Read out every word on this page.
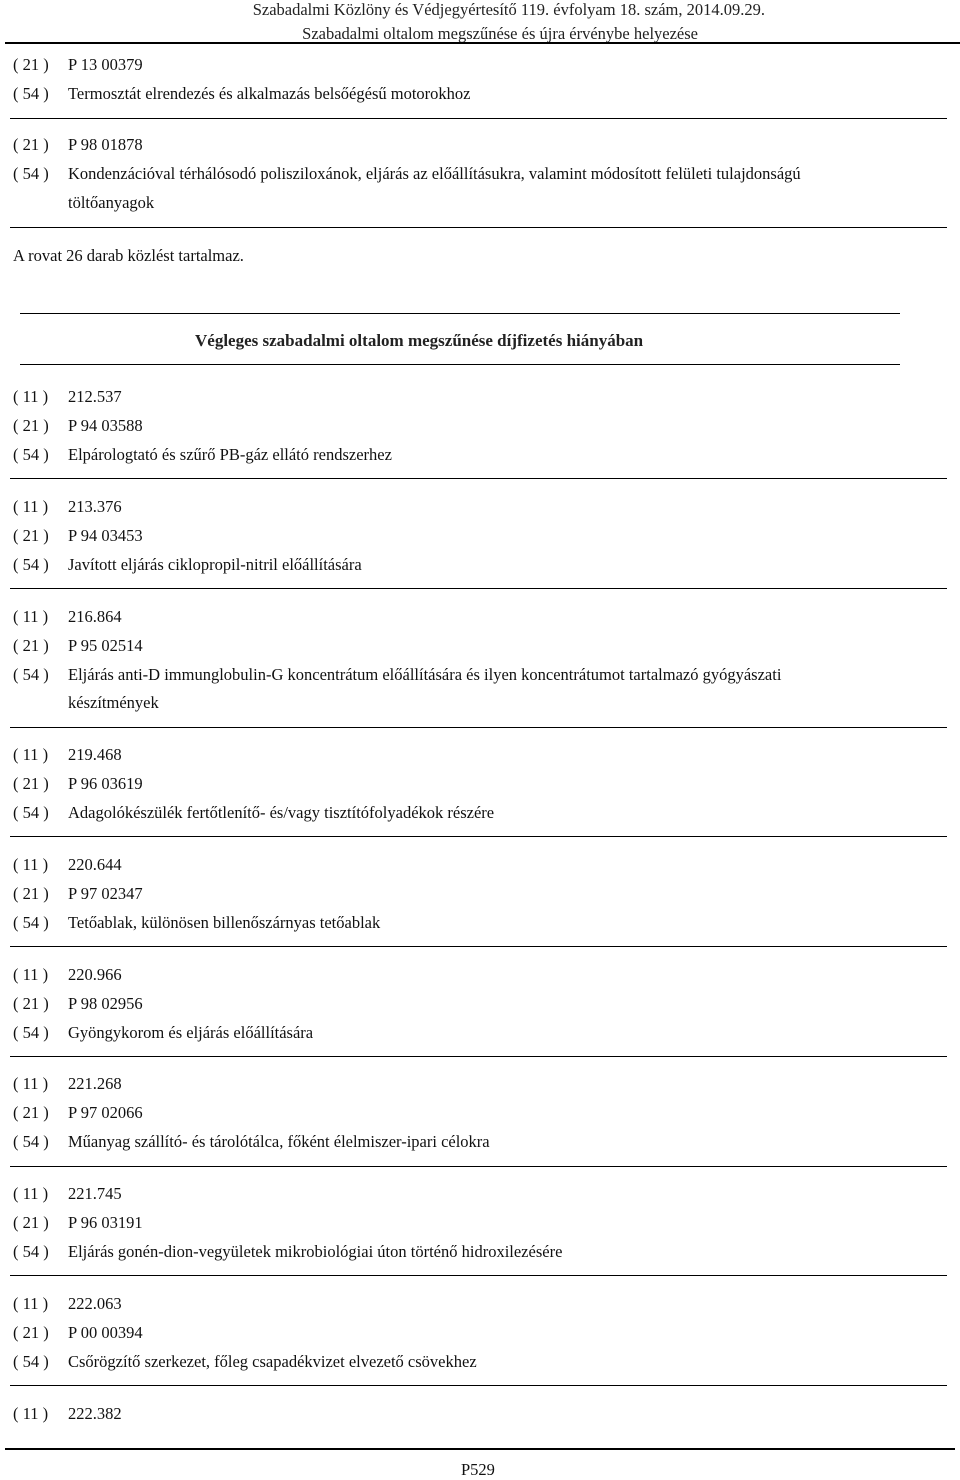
Szabadalmi Közlöny és Védjegyértesítő 119. évfolyam 18. szám, 2014.09.29.
Szabadalmi oltalom megszűnése és újra érvénybe helyezése
( 21 ) P 13 00379
( 54 ) Termosztát elrendezés és alkalmazás belsőégésű motorokhoz
( 21 ) P 98 01878
( 54 ) Kondenzációval térhálósodó polisziloxánok, eljárás az előállításukra, valamint módosított felületi tulajdonságú
töltőanyagok
A rovat 26 darab közlést tartalmaz.
Végleges szabadalmi oltalom megszűnése díjfizetés hiányában
( 11 ) 212.537
( 21 ) P 94 03588
( 54 ) Elpárologtató és szűrő PB-gáz ellátó rendszerhez
( 11 ) 213.376
( 21 ) P 94 03453
( 54 ) Javított eljárás ciklopropil-nitril előállítására
( 11 ) 216.864
( 21 ) P 95 02514
( 54 ) Eljárás anti-D immunglobulin-G koncentrátum előállítására és ilyen koncentrátumot tartalmazó gyógyászati
készítmények
( 11 ) 219.468
( 21 ) P 96 03619
( 54 ) Adagolókészülék fertőtlenítő- és/vagy tisztítófolyadékok részére
( 11 ) 220.644
( 21 ) P 97 02347
( 54 ) Tetőablak, különösen billenőszárnyas tetőablak
( 11 ) 220.966
( 21 ) P 98 02956
( 54 ) Gyöngykorom és eljárás előállítására
( 11 ) 221.268
( 21 ) P 97 02066
( 54 ) Műanyag szállító- és tárolótálca, főként élelmiszer-ipari célokra
( 11 ) 221.745
( 21 ) P 96 03191
( 54 ) Eljárás gonén-dion-vegyületek mikrobiológiai úton történő hidroxilezésére
( 11 ) 222.063
( 21 ) P 00 00394
( 54 ) Csőrögzítő szerkezet, főleg csapadékvizet elvezető csövekhez
( 11 ) 222.382
P529
